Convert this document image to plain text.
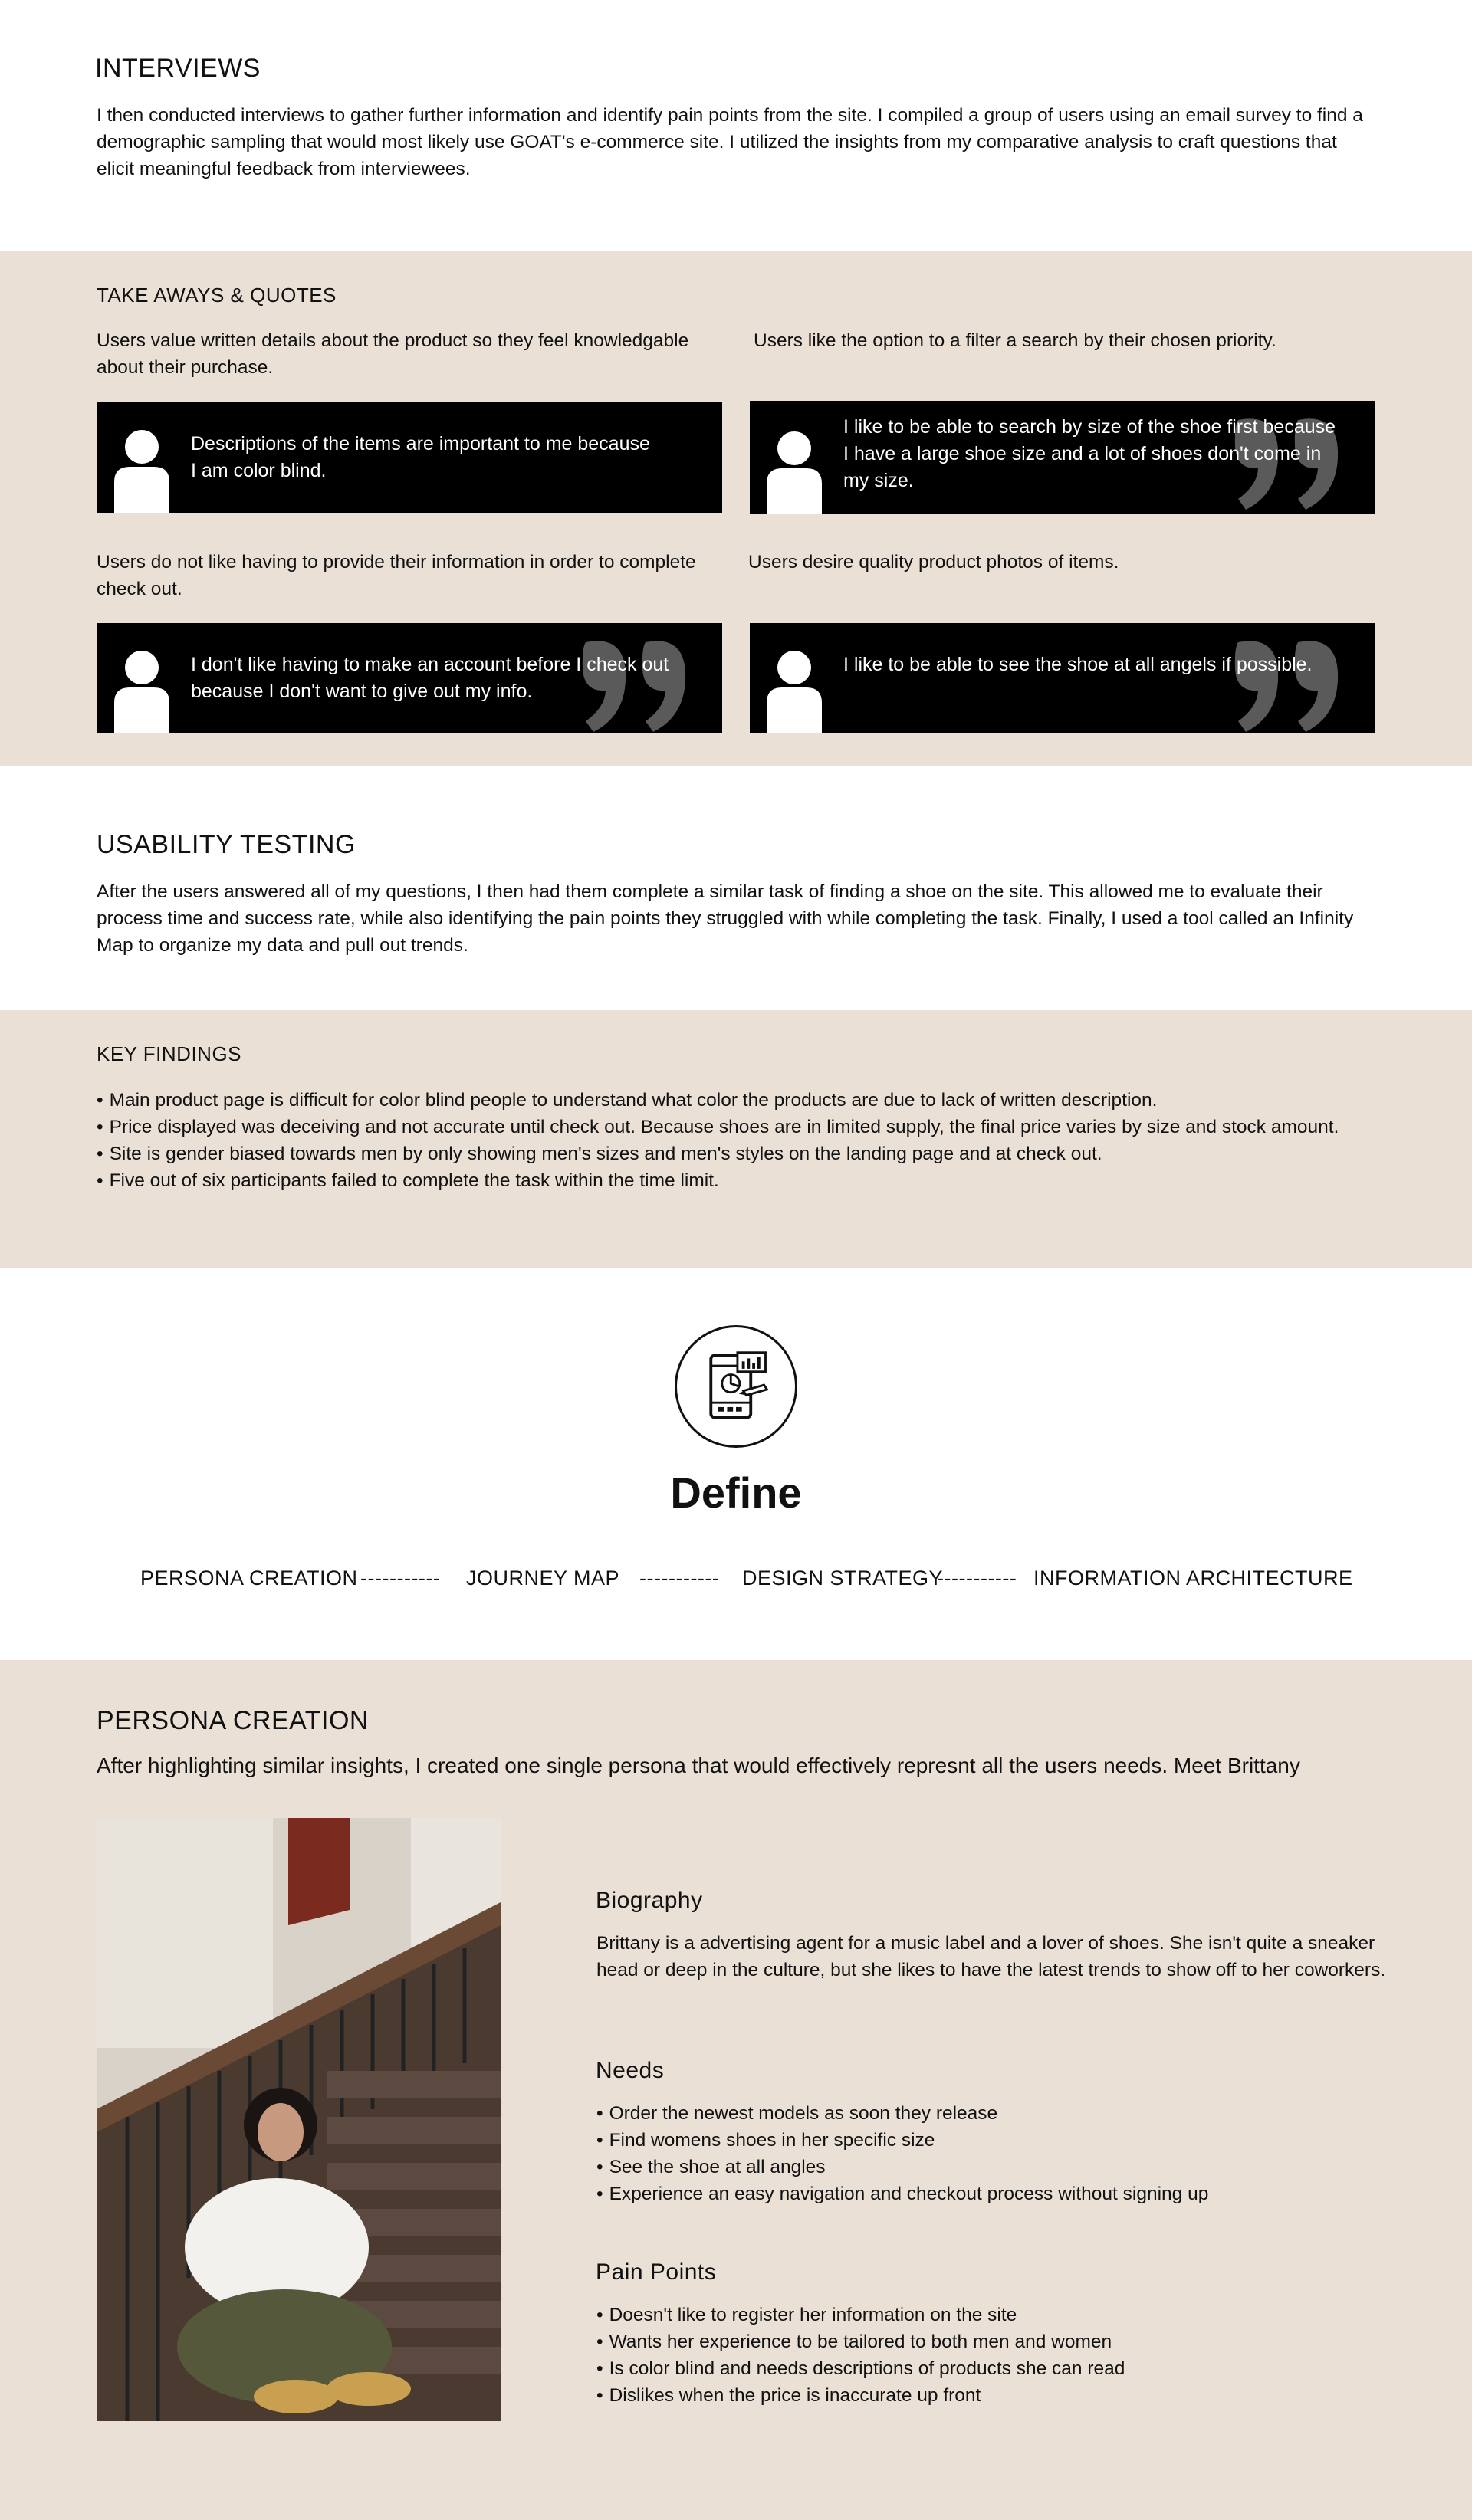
INTERVIEWS
I then conducted interviews to gather further information and identify pain points from the site. I compiled a group of users using an email survey to find a demographic sampling that would most likely use GOAT's e-commerce site. I utilized the insights from my comparative analysis to craft questions that elicit meaningful feedback from interviewees.
TAKE AWAYS & QUOTES
Users value written details about the product so they feel knowledgable about their purchase.
Users like the option to a filter a search by their chosen priority.
Descriptions of the items are important to me because I am color blind.
I like to be able to search by size of the shoe first because I have a large shoe size and a lot of shoes don't come in my size.
Users do not like having to provide their information in order to complete check out.
Users desire quality product photos of items.
I don't like having to make an account before I check out because I don't want to give out my info.
I like to be able to see the shoe at all angels if possible.
USABILITY TESTING
After the users answered all of my questions, I then had them complete a similar task of finding a shoe on the site. This allowed me to evaluate their process time and success rate, while also identifying the pain points they struggled with while completing the task. Finally, I used a tool called an Infinity Map to organize my data and pull out trends.
KEY FINDINGS
• Main product page is difficult for color blind people to understand what color the products are due to lack of written description.
• Price displayed was deceiving and not accurate until check out. Because shoes are in limited supply, the final price varies by size and stock amount.
• Site is gender biased towards men by only showing men's sizes and men's styles on the landing page and at check out.
• Five out of six participants failed to complete the task within the time limit.
Define
PERSONA CREATION ----------- JOURNEY MAP ----------- DESIGN STRATEGY
----------- INFORMATION ARCHITECTURE
PERSONA CREATION
After highlighting similar insights, I created one single persona that would effectively represnt all the users needs. Meet Brittany
Biography
Brittany is a advertising agent for a music label and a lover of shoes. She isn't quite a sneaker head or deep in the culture, but she likes to have the latest trends to show off to her coworkers.
Needs
• Order the newest models as soon they release
• Find womens shoes in her specific size
• See the shoe at all angles
• Experience an easy navigation and checkout process without signing up
Pain Points
• Doesn't like to register her information on the site
• Wants her experience to be tailored to both men and women
• Is color blind and needs descriptions of products she can read
• Dislikes when the price is inaccurate up front
